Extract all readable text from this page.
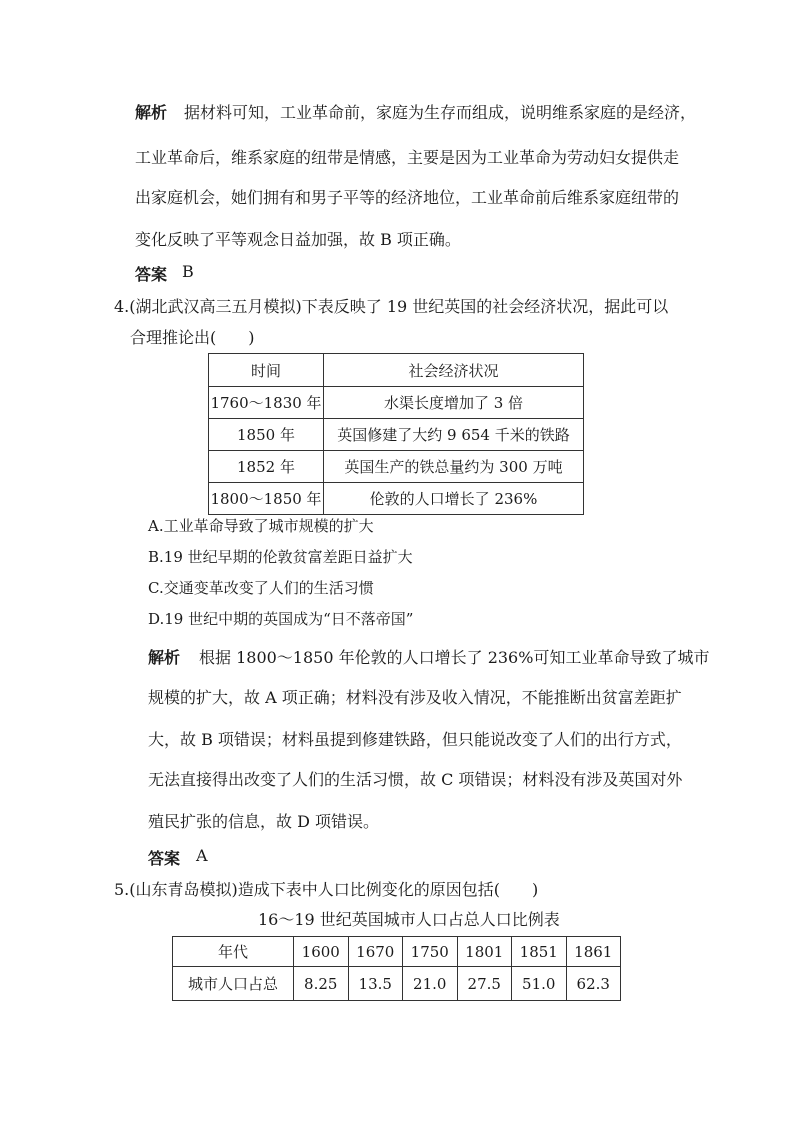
解析 据材料可知，工业革命前，家庭为生存而组成，说明维系家庭的是经济，
工业革命后，维系家庭的纽带是情感，主要是因为工业革命为劳动妇女提供走
出家庭机会，她们拥有和男子平等的经济地位，工业革命前后维系家庭纽带的
变化反映了平等观念日益加强，故 B 项正确。
答案 B
4.(湖北武汉高三五月模拟)下表反映了 19 世纪英国的社会经济状况，据此可以
合理推论出(　　)
时间	社会经济状况
1760～1830 年	水渠长度增加了 3 倍
1850 年	英国修建了大约 9 654 千米的铁路
1852 年	英国生产的铁总量约为 300 万吨
1800～1850 年	伦敦的人口增长了 236%
A.工业革命导致了城市规模的扩大
B.19 世纪早期的伦敦贫富差距日益扩大
C.交通变革改变了人们的生活习惯
D.19 世纪中期的英国成为“日不落帝国”
解析 根据 1800～1850 年伦敦的人口增长了 236%可知工业革命导致了城市
规模的扩大，故 A 项正确；材料没有涉及收入情况，不能推断出贫富差距扩
大，故 B 项错误；材料虽提到修建铁路，但只能说改变了人们的出行方式，
无法直接得出改变了人们的生活习惯，故 C 项错误；材料没有涉及英国对外
殖民扩张的信息，故 D 项错误。
答案 A
5.(山东青岛模拟)造成下表中人口比例变化的原因包括(　　)
16～19 世纪英国城市人口占总人口比例表
年代	1600	1670	1750	1801	1851	1861
城市人口占总	8.25	13.5	21.0	27.5	51.0	62.3
